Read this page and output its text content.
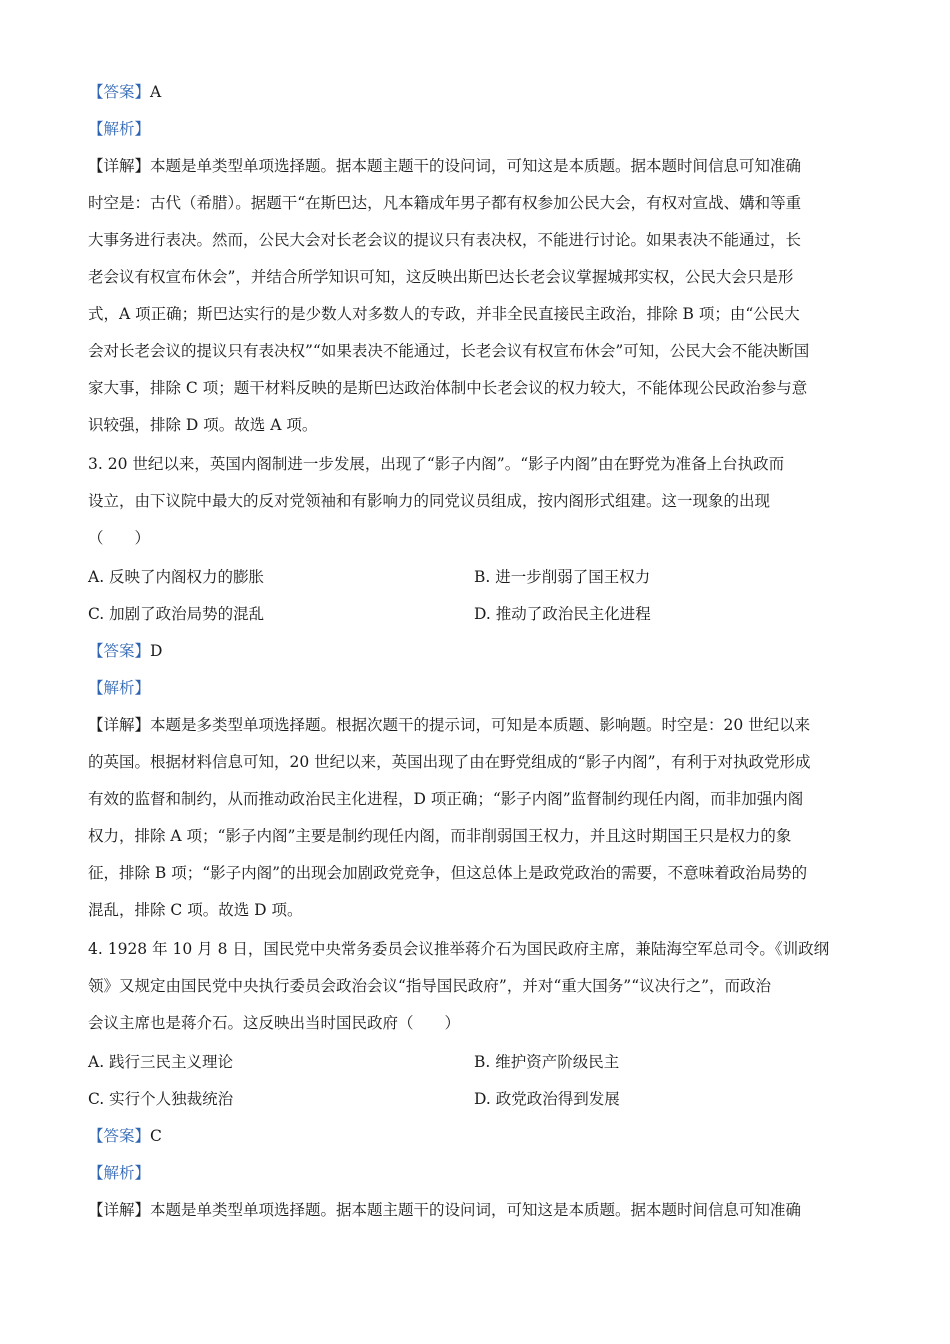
【答案】A
【解析】
【详解】本题是单类型单项选择题。据本题主题干的设问词，可知这是本质题。据本题时间信息可知准确
时空是：古代（希腊）。据题干“在斯巴达，凡本籍成年男子都有权参加公民大会，有权对宣战、媾和等重
大事务进行表决。然而，公民大会对长老会议的提议只有表决权，不能进行讨论。如果表决不能通过，长
老会议有权宣布休会”，并结合所学知识可知，这反映出斯巴达长老会议掌握城邦实权，公民大会只是形
式，A 项正确；斯巴达实行的是少数人对多数人的专政，并非全民直接民主政治，排除 B 项；由“公民大
会对长老会议的提议只有表决权”“如果表决不能通过，长老会议有权宣布休会”可知，公民大会不能决断国
家大事，排除 C 项；题干材料反映的是斯巴达政治体制中长老会议的权力较大，不能体现公民政治参与意
识较强，排除 D 项。故选 A 项。
3. 20 世纪以来，英国内阁制进一步发展，出现了“影子内阁”。“影子内阁”由在野党为准备上台执政而
设立，由下议院中最大的反对党领袖和有影响力的同党议员组成，按内阁形式组建。这一现象的出现
（　　）
A. 反映了内阁权力的膨胀	B. 进一步削弱了国王权力
C. 加剧了政治局势的混乱	D. 推动了政治民主化进程
【答案】D
【解析】
【详解】本题是多类型单项选择题。根据次题干的提示词，可知是本质题、影响题。时空是：20 世纪以来
的英国。根据材料信息可知，20 世纪以来，英国出现了由在野党组成的“影子内阁”，有利于对执政党形成
有效的监督和制约，从而推动政治民主化进程，D 项正确；“影子内阁”监督制约现任内阁，而非加强内阁
权力，排除 A 项；“影子内阁”主要是制约现任内阁，而非削弱国王权力，并且这时期国王只是权力的象
征，排除 B 项；“影子内阁”的出现会加剧政党竞争，但这总体上是政党政治的需要，不意味着政治局势的
混乱，排除 C 项。故选 D 项。
4. 1928 年 10 月 8 日，国民党中央常务委员会议推举蒋介石为国民政府主席，兼陆海空军总司令。《训政纲
领》又规定由国民党中央执行委员会政治会议“指导国民政府”，并对“重大国务”“议决行之”，而政治
会议主席也是蒋介石。这反映出当时国民政府（　　）
A. 践行三民主义理论	B. 维护资产阶级民主
C. 实行个人独裁统治	D. 政党政治得到发展
【答案】C
【解析】
【详解】本题是单类型单项选择题。据本题主题干的设问词，可知这是本质题。据本题时间信息可知准确
